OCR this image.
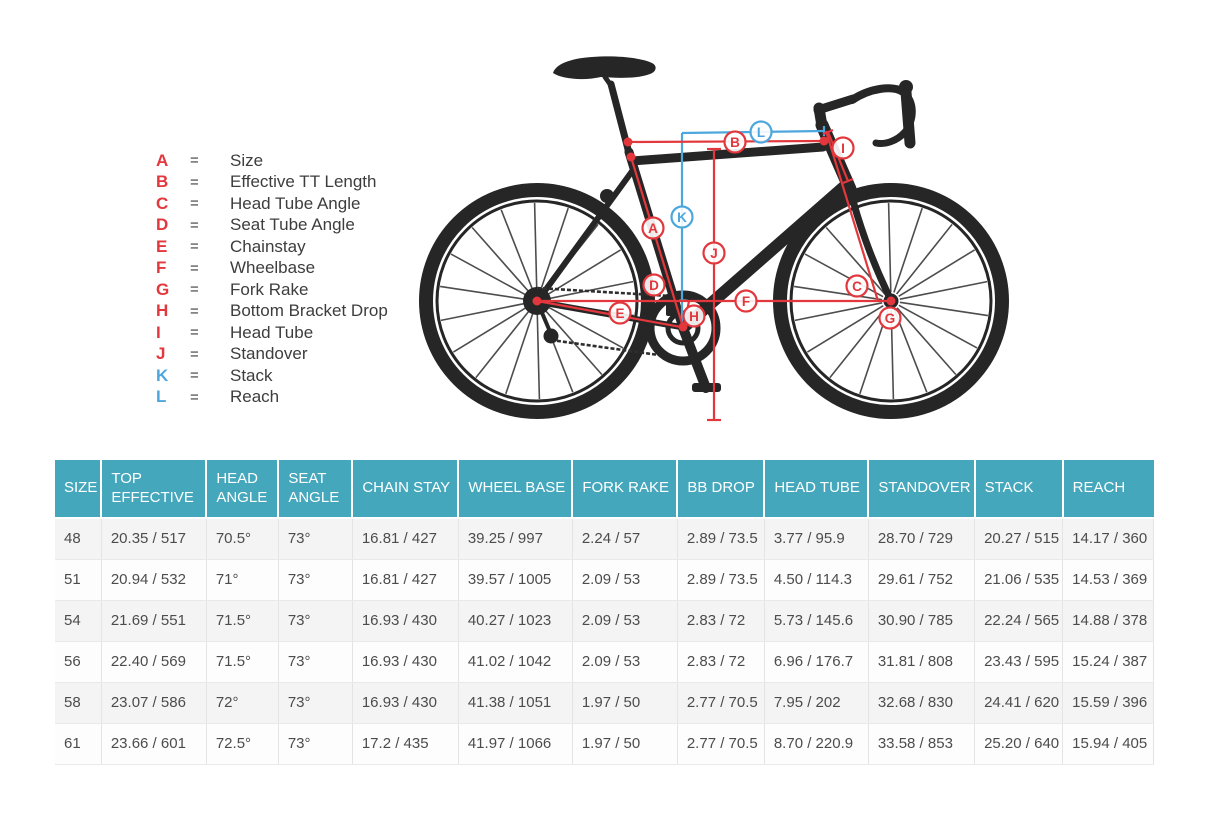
A	=	Size
B	=	Effective TT Length
C	=	Head Tube Angle
D	=	Seat Tube Angle
E	=	Chainstay
F	=	Wheelbase
G	=	Fork Rake
H	=	Bottom Bracket Drop
I	=	Head Tube
J	=	Standover
K	=	Stack
L	=	Reach
A
B
C
D
E
F
G
H
I
J
K
L
SIZE	TOP EFFECTIVE	HEAD ANGLE	SEAT ANGLE	CHAIN STAY	WHEEL BASE	FORK RAKE	BB DROP	HEAD TUBE	STANDOVER	STACK	REACH
48	20.35 / 517	70.5°	73°	16.81 / 427	39.25 / 997	2.24 / 57	2.89 / 73.5	3.77 / 95.9	28.70 / 729	20.27 / 515	14.17 / 360
51	20.94 / 532	71°	73°	16.81 / 427	39.57 / 1005	2.09 / 53	2.89 / 73.5	4.50 / 114.3	29.61 / 752	21.06 / 535	14.53 / 369
54	21.69 / 551	71.5°	73°	16.93 / 430	40.27 / 1023	2.09 / 53	2.83 / 72	5.73 / 145.6	30.90 / 785	22.24 / 565	14.88 / 378
56	22.40 / 569	71.5°	73°	16.93 / 430	41.02 / 1042	2.09 / 53	2.83 / 72	6.96 / 176.7	31.81 / 808	23.43 / 595	15.24 / 387
58	23.07 / 586	72°	73°	16.93 / 430	41.38 / 1051	1.97 / 50	2.77 / 70.5	7.95 / 202	32.68 / 830	24.41 / 620	15.59 / 396
61	23.66 / 601	72.5°	73°	17.2 / 435	41.97 / 1066	1.97 / 50	2.77 / 70.5	8.70 / 220.9	33.58 / 853	25.20 / 640	15.94 / 405
